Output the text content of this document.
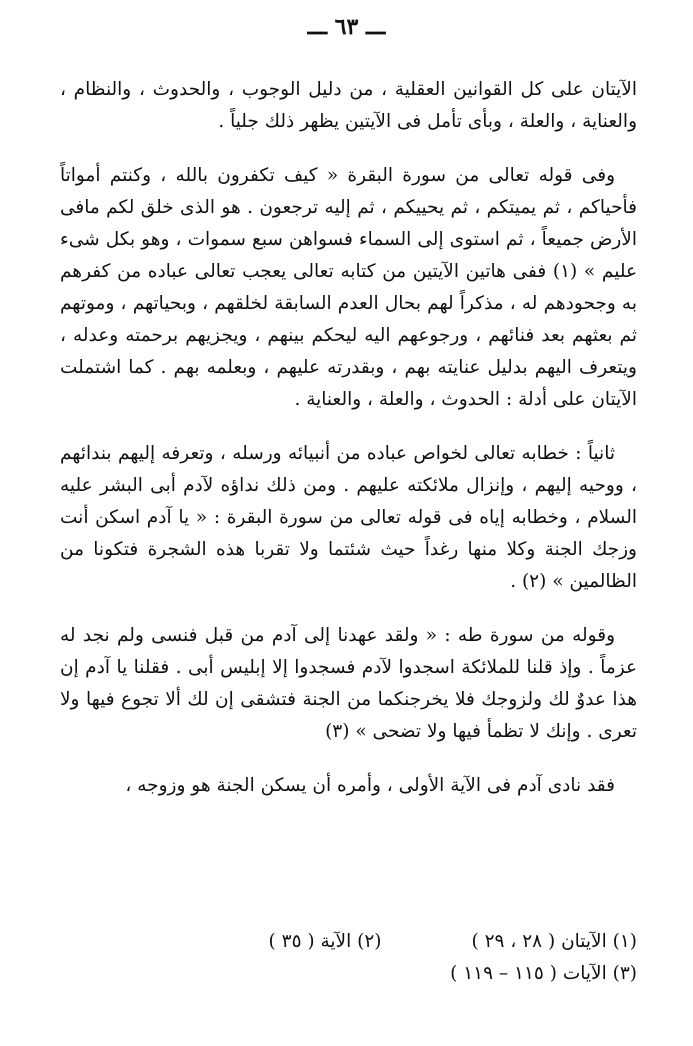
ـــ ٦٣ ـــ

الآيتان على كل القوانين العقلية ، من دليل الوجوب ، والحدوث ، والنظام ، والعناية ، والعلة ، وبأى تأمل فى الآيتين يظهر ذلك جلياً .

وفى قوله تعالى من سورة البقرة « كيف تكفرون بالله ، وكنتم أمواتاً فأحياكم ، ثم يميتكم ، ثم يحييكم ، ثم إليه ترجعون . هو الذى خلق لكم مافى الأرض جميعاً ، ثم استوى إلى السماء فسواهن سبع سموات ، وهو بكل شىء عليم » (١) ففى هاتين الآيتين من كتابه تعالى يعجب تعالى عباده من كفرهم به وجحودهم له ، مذكراً لهم بحال العدم السابقة لخلقهم ، وبحياتهم ، وموتهم ثم بعثهم بعد فنائهم ، ورجوعهم اليه ليحكم بينهم ، ويجزيهم برحمته وعدله ، ويتعرف اليهم بدليل عنايته بهم ، وبقدرته عليهم ، وبعلمه بهم . كما اشتملت الآيتان على أدلة : الحدوث ، والعلة ، والعناية .

ثانياً : خطابه تعالى لخواص عباده من أنبيائه ورسله ، وتعرفه إليهم بندائهم ، ووحيه إليهم ، وإنزال ملائكته عليهم . ومن ذلك نداؤه لآدم أبى البشر عليه السلام ، وخطابه إياه فى قوله تعالى من سورة البقرة : « يا آدم اسكن أنت وزجك الجنة وكلا منها رغداً حيث شئتما ولا تقربا هذه الشجرة فتكونا من الظالمين » (٢) .

وقوله من سورة طه : « ولقد عهدنا إلى آدم من قبل فنسى ولم نجد له عزماً . وإذ قلنا للملائكة اسجدوا لآدم فسجدوا إلا إبليس أبى . فقلنا يا آدم إن هذا عدوٌ لك ولزوجك فلا يخرجنكما من الجنة فتشقى إن لك ألا تجوع فيها ولا تعرى . وإنك لا تظمأ فيها ولا تضحى » (٣)

فقد نادى آدم فى الآية الأولى ، وأمره أن يسكن الجنة هو وزوجه ،

(١) الآيتان ( ٢٨ ، ٢٩ )
(٢) الآية ( ٣٥ )
(٣) الآيات ( ١١٥ – ١١٩ )
